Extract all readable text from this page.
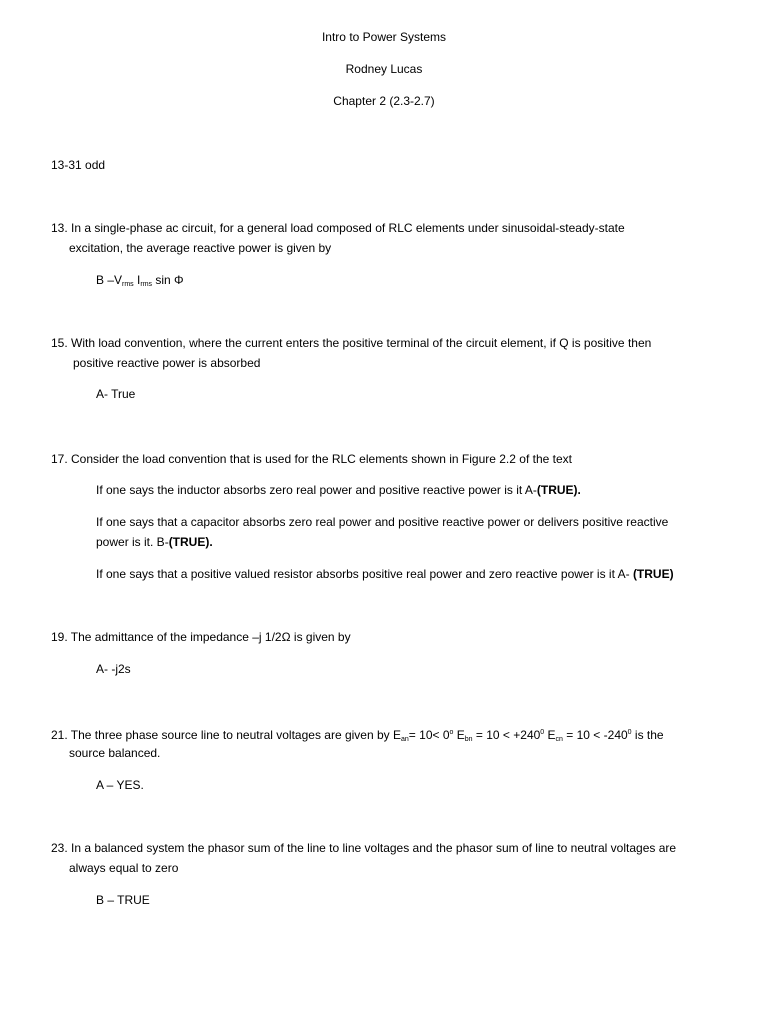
Intro to Power Systems
Rodney Lucas
Chapter 2 (2.3-2.7)
13-31 odd
13. In a single-phase ac circuit, for a general load composed of RLC elements under sinusoidal-steady-state
excitation, the average reactive power is given by
B $-V_{rms}$ $I_{rms}$ sin Φ
15. With load convention, where the current enters the positive terminal of the circuit element, if Q is positive then
positive reactive power is absorbed
A- True
17. Consider the load convention that is used for the RLC elements shown in Figure 2.2 of the text
If one says the inductor absorbs zero real power and positive reactive power is it A-(TRUE).
If one says that a capacitor absorbs zero real power and positive reactive power or delivers positive reactive
power is it. B-(TRUE).
If one says that a positive valued resistor absorbs positive real power and zero reactive power is it A- (TRUE)
19. The admittance of the impedance –j 1/2Ω is given by
A- -j2s
21. The three phase source line to neutral voltages are given by $E_{an}= 10< 0^o$ $E_{bn} = 10 < +240^0$ $E_{cn} = 10 < -240^0$ is the
source balanced.
A – YES.
23. In a balanced system the phasor sum of the line to line voltages and the phasor sum of line to neutral voltages are
always equal to zero
B – TRUE
